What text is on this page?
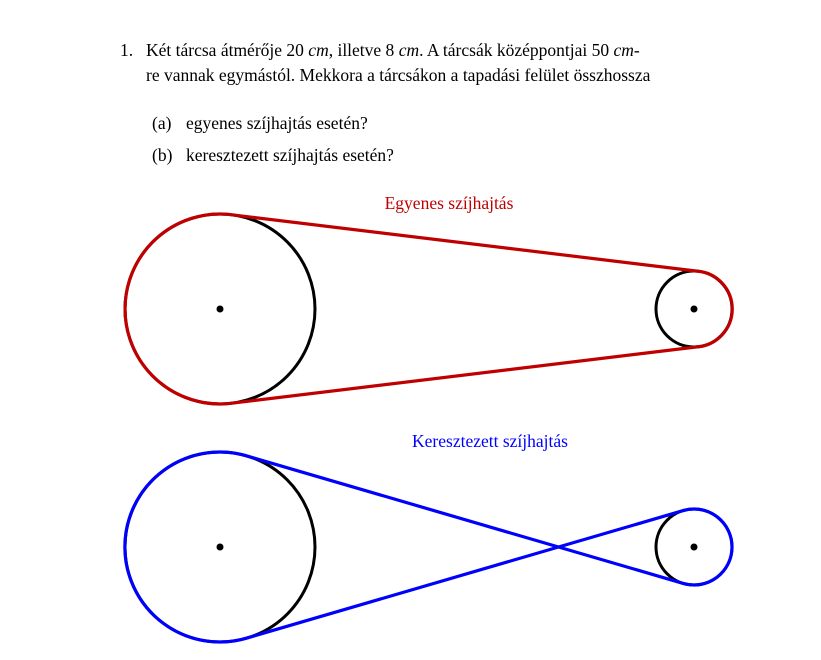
1. Két tárcsa átmérője 20 cm, illetve 8 cm. A tárcsák középpontjai 50 cm-
re vannak egymástól. Mekkora a tárcsákon a tapadási felület összhossza
(a) egyenes szíjhajtás esetén?
(b) keresztezett szíjhajtás esetén?
Egyenes szíjhajtás
Keresztezett szíjhajtás
